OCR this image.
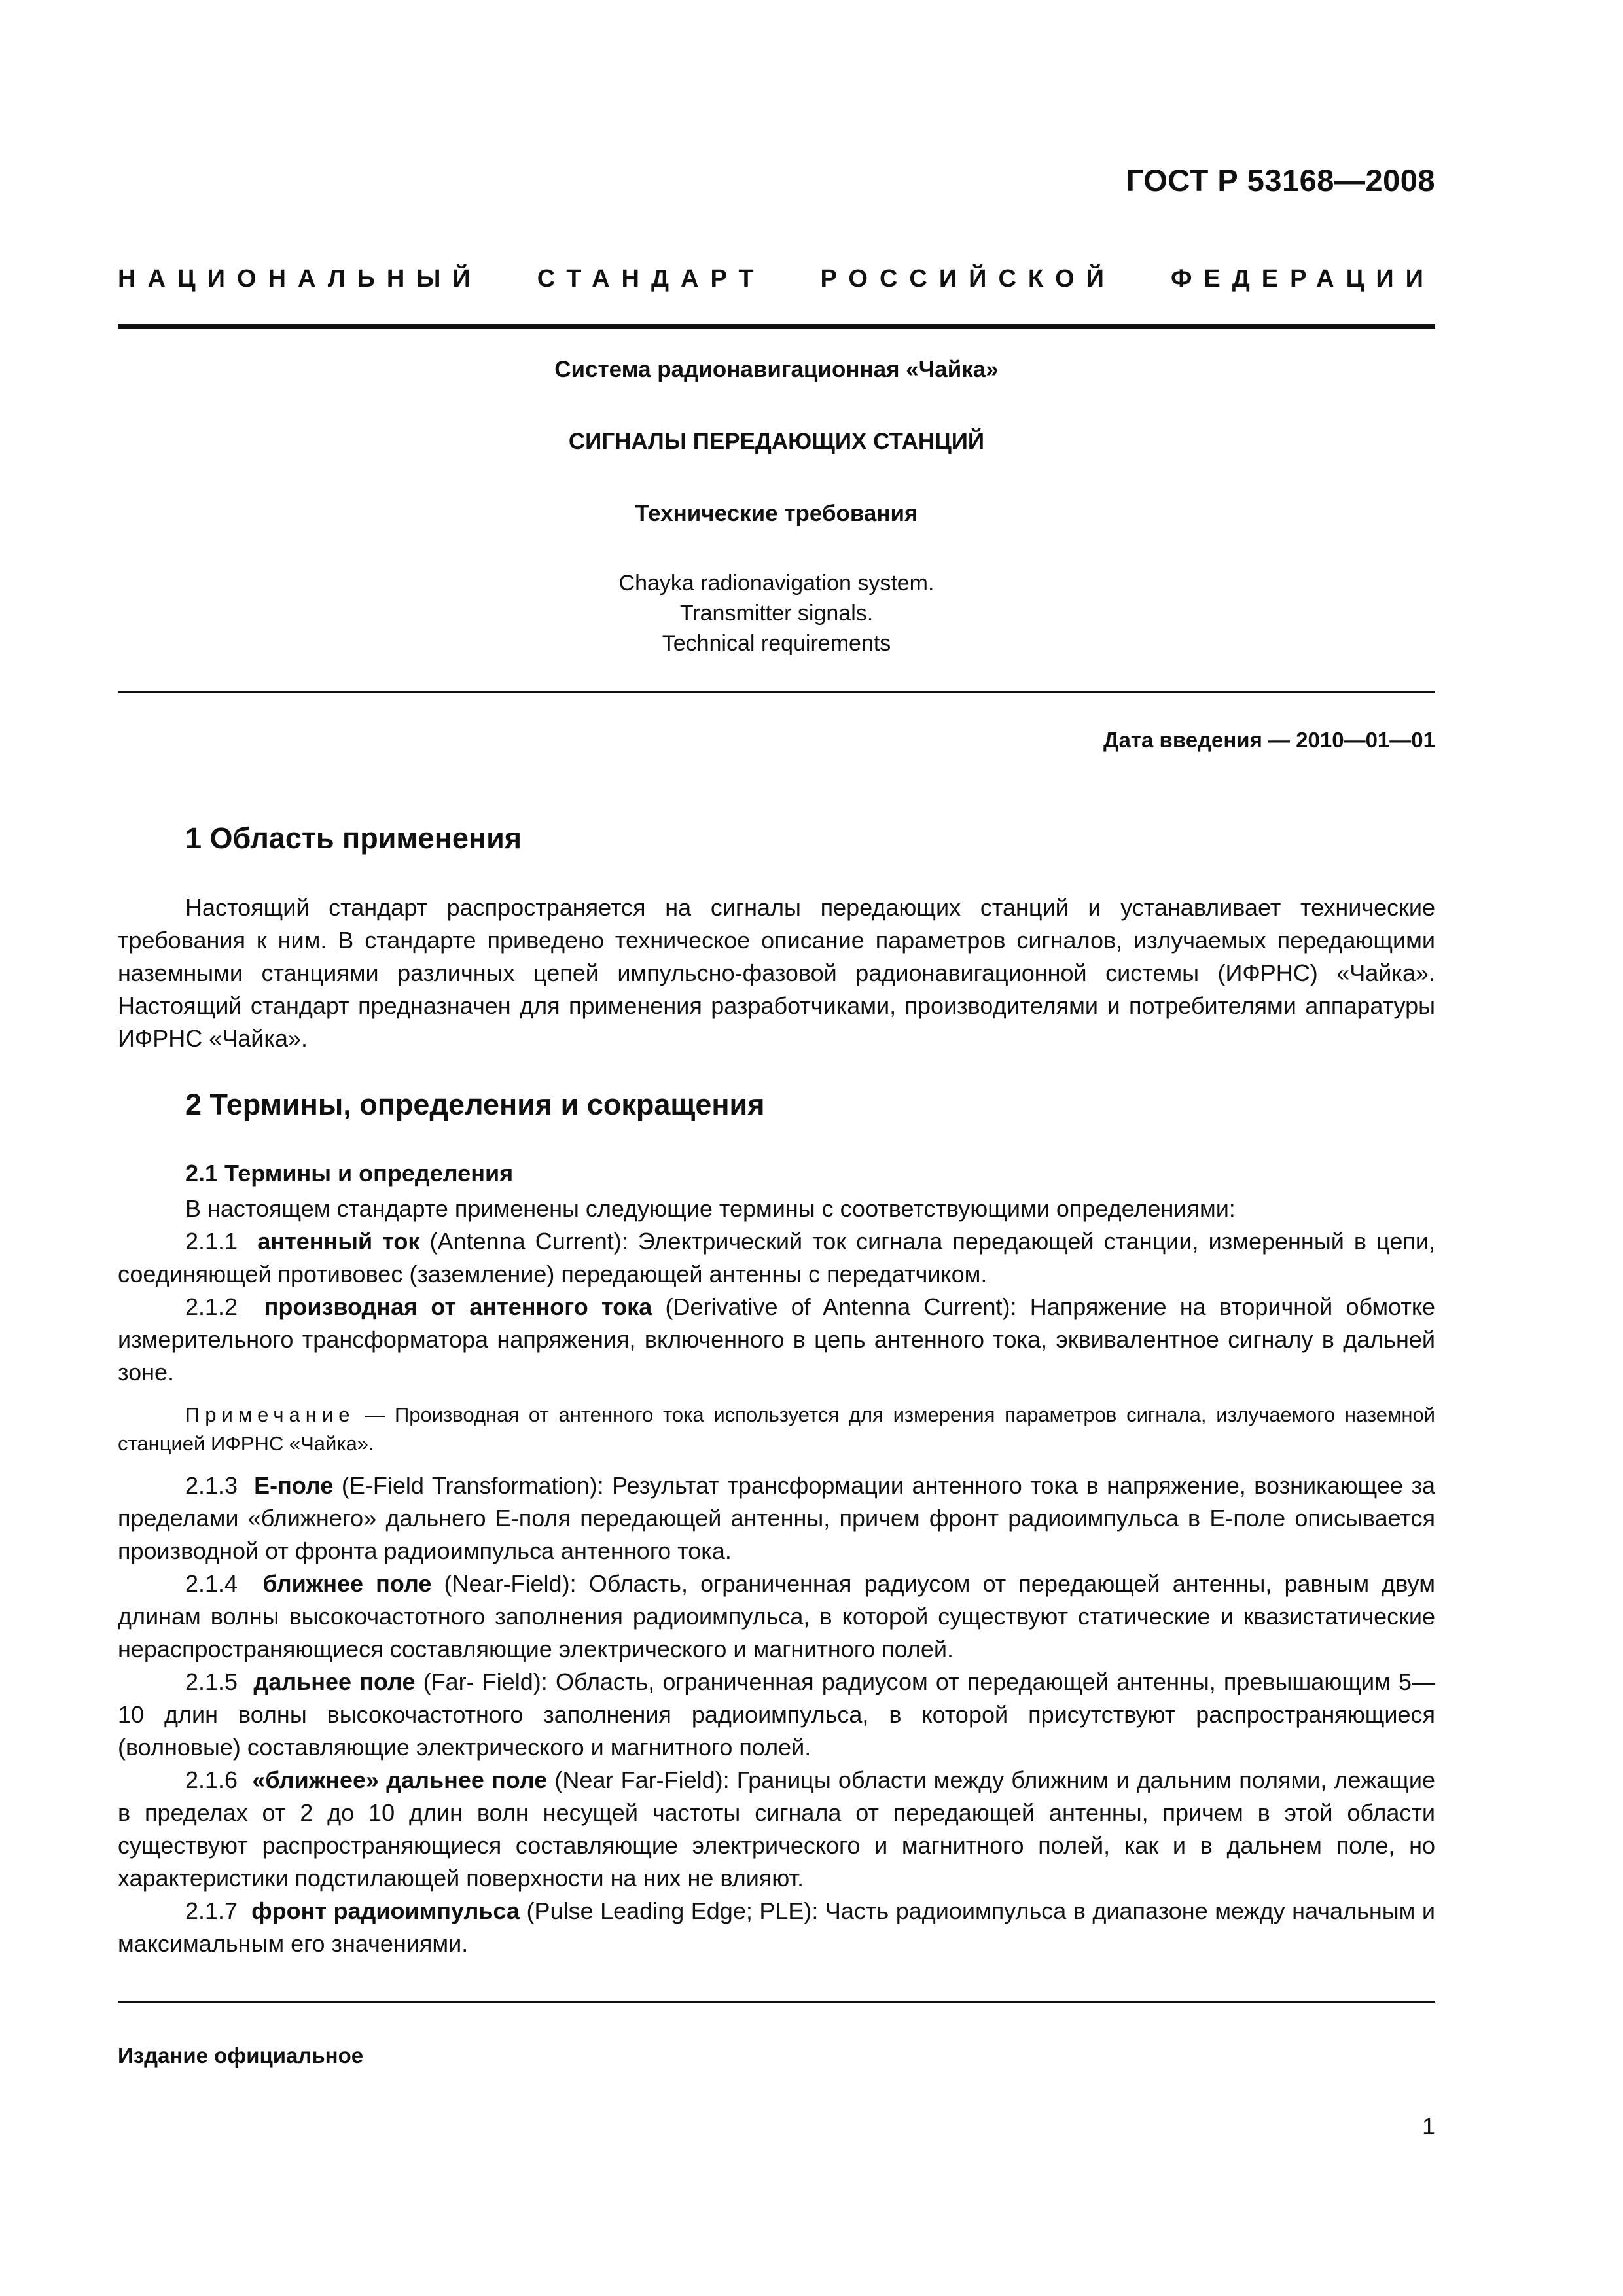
ГОСТ Р 53168—2008
НАЦИОНАЛЬНЫЙ СТАНДАРТ РОССИЙСКОЙ ФЕДЕРАЦИИ
Система радионавигационная «Чайка»
СИГНАЛЫ ПЕРЕДАЮЩИХ СТАНЦИЙ
Технические требования
Chayka radionavigation system.
Transmitter signals.
Technical requirements
Дата введения — 2010—01—01
1 Область применения

Настоящий стандарт распространяется на сигналы передающих станций и устанавливает технические требования к ним. В стандарте приведено техническое описание параметров сигналов, излучаемых передающими наземными станциями различных цепей импульсно-фазовой радионавигационной системы (ИФРНС) «Чайка». Настоящий стандарт предназначен для применения разработчиками, производителями и потребителями аппаратуры ИФРНС «Чайка».

2 Термины, определения и сокращения
2.1 Термины и определения

В настоящем стандарте применены следующие термины с соответствующими определениями:

2.1.1 антенный ток (Antenna Current): Электрический ток сигнала передающей станции, измеренный в цепи, соединяющей противовес (заземление) передающей антенны с передатчиком.

2.1.2 производная от антенного тока (Derivative of Antenna Current): Напряжение на вторичной обмотке измерительного трансформатора напряжения, включенного в цепь антенного тока, эквивалентное сигналу в дальней зоне.

Примечание — Производная от антенного тока используется для измерения параметров сигнала, излучаемого наземной станцией ИФРНС «Чайка».

2.1.3 Е-поле (E-Field Transformation): Результат трансформации антенного тока в напряжение, возникающее за пределами «ближнего» дальнего Е-поля передающей антенны, причем фронт радиоимпульса в Е-поле описывается производной от фронта радиоимпульса антенного тока.

2.1.4 ближнее поле (Near-Field): Область, ограниченная радиусом от передающей антенны, равным двум длинам волны высокочастотного заполнения радиоимпульса, в которой существуют статические и квазистатические нераспространяющиеся составляющие электрического и магнитного полей.

2.1.5 дальнее поле (Far- Field): Область, ограниченная радиусом от передающей антенны, превышающим 5—10 длин волны высокочастотного заполнения радиоимпульса, в которой присутствуют распространяющиеся (волновые) составляющие электрического и магнитного полей.

2.1.6 «ближнее» дальнее поле (Near Far-Field): Границы области между ближним и дальним полями, лежащие в пределах от 2 до 10 длин волн несущей частоты сигнала от передающей антенны, причем в этой области существуют распространяющиеся составляющие электрического и магнитного полей, как и в дальнем поле, но характеристики подстилающей поверхности на них не влияют.

2.1.7 фронт радиоимпульса (Pulse Leading Edge; PLE): Часть радиоимпульса в диапазоне между начальным и максимальным его значениями.

Издание официальное
1
